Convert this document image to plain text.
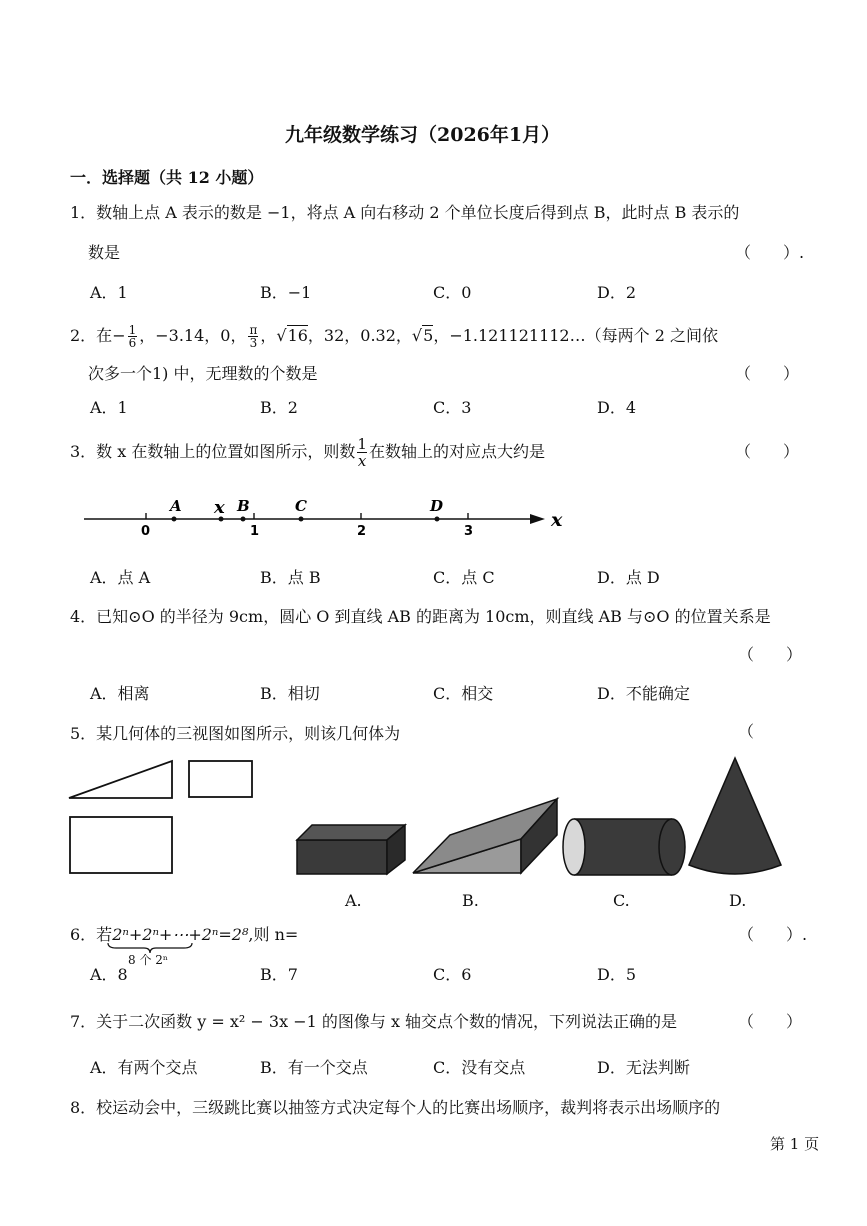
九年级数学练习（2026年1月）
一．选择题（共 12 小题）
1．数轴上点 A 表示的数是 −1，将点 A 向右移动 2 个单位长度后得到点 B，此时点 B 表示的
数是	（　　）.
A．1	B．−1	C．0	D．2
2．在− $\frac{1}{6}$ ，−3.14，0， $\frac{\pi}{3}$ ，√16，32，0.32，√5，−1.121121112…（每两个 2 之间依
次多一个1) 中，无理数的个数是	（　　）
A．1	B．2	C．3	D．4
3．数 x 在数轴上的位置如图所示，则数 $\frac{1}{x}$ 在数轴上的对应点大约是	（　　）
A x B	C	D
0	1	2	3
x
A．点 A	B．点 B	C．点 C	D．点 D
4．已知⊙O 的半径为 9cm，圆心 O 到直线 AB 的距离为 10cm，则直线 AB 与⊙O 的位置关系是
（　　）
A．相离	B．相切	C．相交	D．不能确定
5．某几何体的三视图如图所示，则该几何体为	（
A.	B.	C.	D.
6．若2ⁿ+2ⁿ+⋯+2ⁿ=2⁸,则 n=
8 个 2ⁿ
（　　）.
A．8	B．7	C．6	D．5
7．关于二次函数 y = x² − 3x −1 的图像与 x 轴交点个数的情况，下列说法正确的是	（　　）
A．有两个交点	B．有一个交点	C．没有交点	D．无法判断
8．校运动会中，三级跳比赛以抽签方式决定每个人的比赛出场顺序，裁判将表示出场顺序的
第 1 页
